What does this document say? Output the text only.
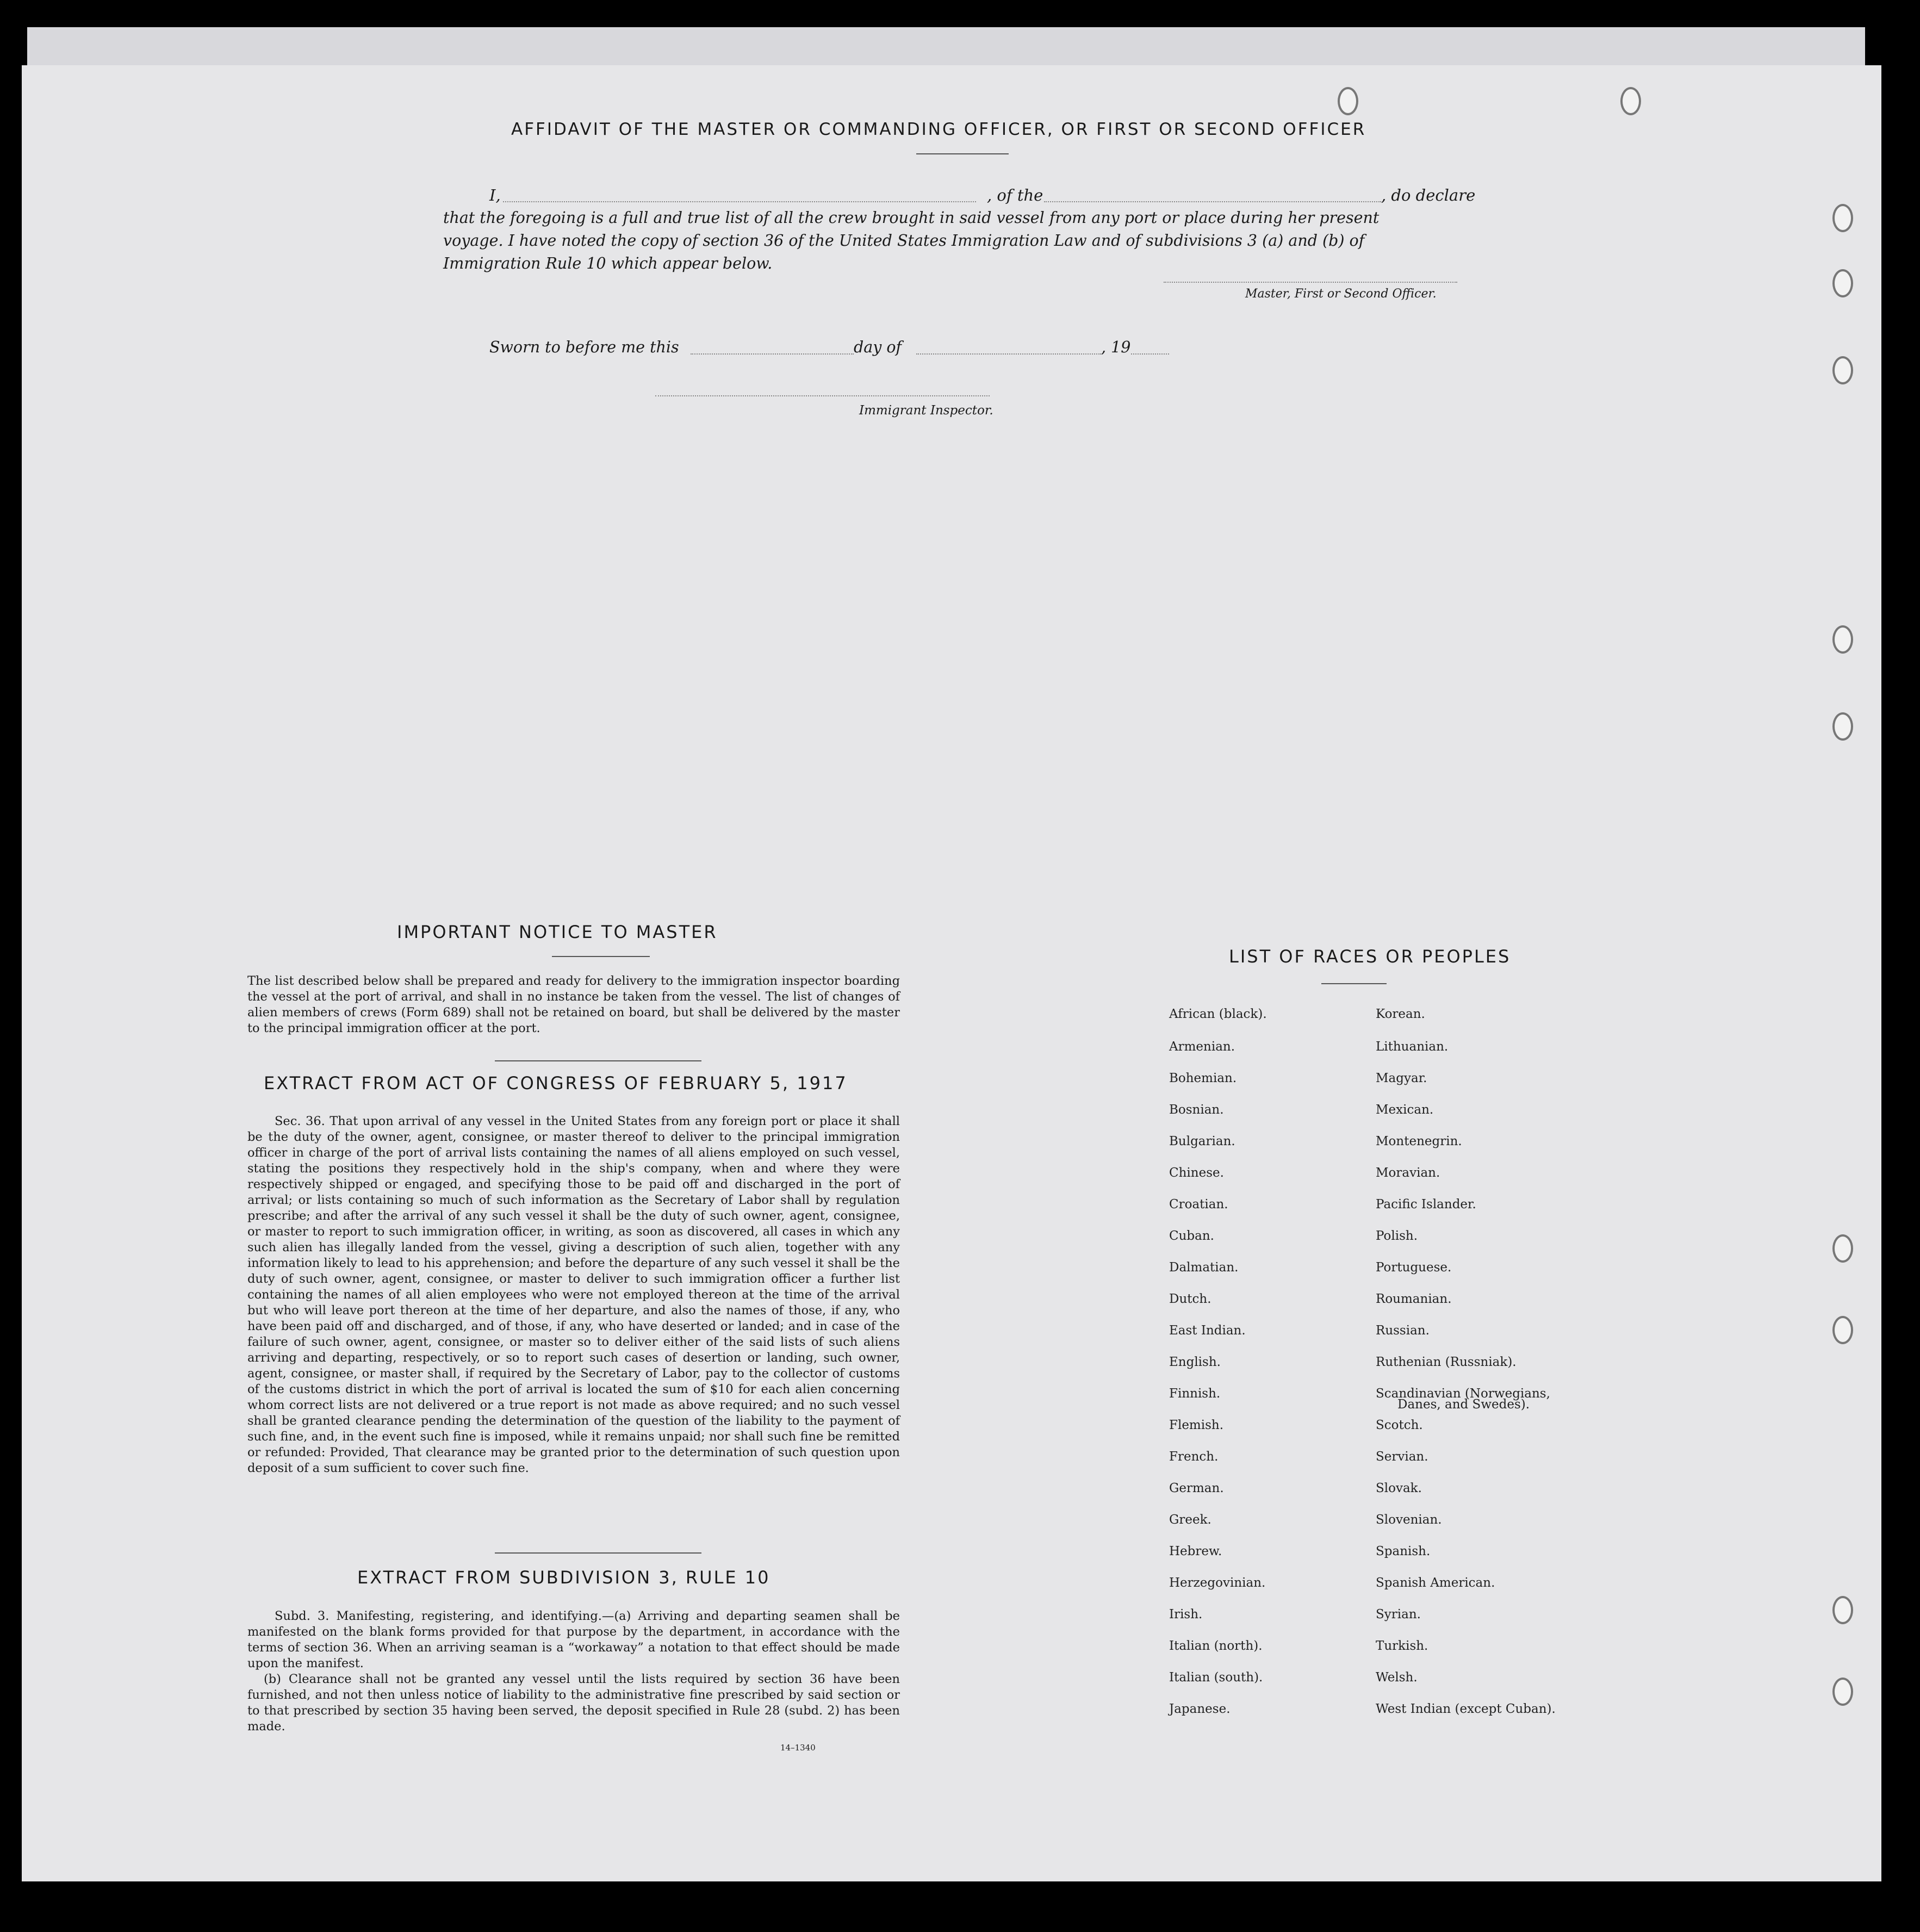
AFFIDAVIT OF THE MASTER OR COMMANDING OFFICER, OR FIRST OR SECOND OFFICER
I,	, of the	, do declare
that the foregoing is a full and true list of all the crew brought in said vessel from any port or place during her present
voyage. I have noted the copy of section 36 of the United States Immigration Law and of subdivisions 3 (a) and (b) of
Immigration Rule 10 which appear below.
Master, First or Second Officer.
Sworn to before me this	day of	, 19
Immigrant Inspector.
IMPORTANT NOTICE TO MASTER
The list described below shall be prepared and ready for delivery to the immigration inspector boarding the vessel at the port of arrival, and shall in no instance be taken from the vessel. The list of changes of alien members of crews (Form 689) shall not be retained on board, but shall be delivered by the master to the principal immigration officer at the port.
EXTRACT FROM ACT OF CONGRESS OF FEBRUARY 5, 1917
Sec. 36. That upon arrival of any vessel in the United States from any foreign port or place it shall be the duty of the owner, agent, consignee, or master thereof to deliver to the principal immigration officer in charge of the port of arrival lists containing the names of all aliens employed on such vessel, stating the positions they respectively hold in the ship's company, when and where they were respectively shipped or engaged, and specifying those to be paid off and discharged in the port of arrival; or lists containing so much of such information as the Secretary of Labor shall by regulation prescribe; and after the arrival of any such vessel it shall be the duty of such owner, agent, consignee, or master to report to such immigration officer, in writing, as soon as discovered, all cases in which any such alien has illegally landed from the vessel, giving a description of such alien, together with any information likely to lead to his apprehension; and before the departure of any such vessel it shall be the duty of such owner, agent, consignee, or master to deliver to such immigration officer a further list containing the names of all alien employees who were not employed thereon at the time of the arrival but who will leave port thereon at the time of her departure, and also the names of those, if any, who have been paid off and discharged, and of those, if any, who have deserted or landed; and in case of the failure of such owner, agent, consignee, or master so to deliver either of the said lists of such aliens arriving and departing, respectively, or so to report such cases of desertion or landing, such owner, agent, consignee, or master shall, if required by the Secretary of Labor, pay to the collector of customs of the customs district in which the port of arrival is located the sum of $10 for each alien concerning whom correct lists are not delivered or a true report is not made as above required; and no such vessel shall be granted clearance pending the determination of the question of the liability to the payment of such fine, and, in the event such fine is imposed, while it remains unpaid; nor shall such fine be remitted or refunded: Provided, That clearance may be granted prior to the determination of such question upon deposit of a sum sufficient to cover such fine.
EXTRACT FROM SUBDIVISION 3, RULE 10
Subd. 3. Manifesting, registering, and identifying.—(a) Arriving and departing seamen shall be manifested on the blank forms provided for that purpose by the department, in accordance with the terms of section 36. When an arriving seaman is a “workaway” a notation to that effect should be made upon the manifest.
(b) Clearance shall not be granted any vessel until the lists required by section 36 have been furnished, and not then unless notice of liability to the administrative fine prescribed by said section or to that prescribed by section 35 having been served, the deposit specified in Rule 28 (subd. 2) has been made.
14–1340
LIST OF RACES OR PEOPLES
African (black).
Armenian.
Bohemian.
Bosnian.
Bulgarian.
Chinese.
Croatian.
Cuban.
Dalmatian.
Dutch.
East Indian.
English.
Finnish.
Flemish.
French.
German.
Greek.
Hebrew.
Herzegovinian.
Irish.
Italian (north).
Italian (south).
Japanese.
Korean.
Lithuanian.
Magyar.
Mexican.
Montenegrin.
Moravian.
Pacific Islander.
Polish.
Portuguese.
Roumanian.
Russian.
Ruthenian (Russniak).
Scandinavian (Norwegians,
Scotch.
Servian.
Slovak.
Slovenian.
Spanish.
Spanish American.
Syrian.
Turkish.
Welsh.
West Indian (except Cuban).
Danes, and Swedes).
